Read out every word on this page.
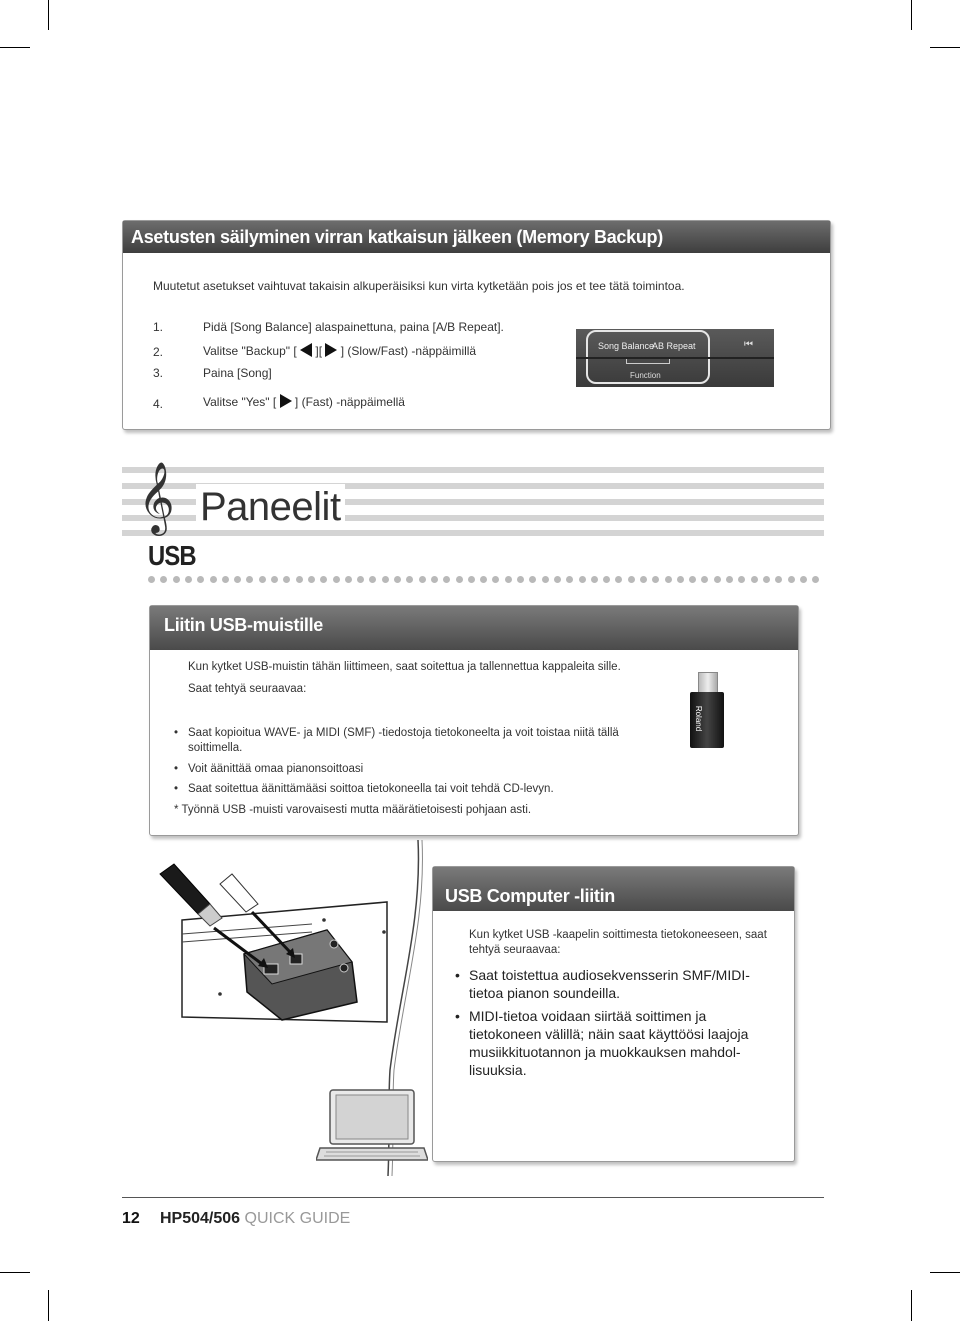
Asetusten säilyminen virran katkaisun jälkeen (Memory Backup)
Muutetut asetukset vaihtuvat takaisin alkuperäisiksi kun virta kytketään pois jos et tee tätä toimintoa.
1.	Pidä [Song Balance] alaspainettuna, paina [A/B Repeat].
2.	Valitse "Backup" [ ][ ] (Slow/Fast) -näppäimillä
3.	Paina [Song]
4.	Valitse "Yes" [ ] (Fast) -näppäimellä
Song Balance
AB Repeat
Function
⏮
𝄞 Paneelit
USB
Liitin USB-muistille
Kun kytket USB-muistin tähän liittimeen, saat soitettua ja tallennettua kappaleita sille.
Saat tehtyä seuraavaa:
• Saat kopioitua WAVE- ja MIDI (SMF) -tiedostoja tietokoneelta ja voit toistaa niitä tällä
soittimella.
• Voit äänittää omaa pianonsoittoasi
• Saat soitettua äänittämääsi soittoa tietokoneella tai voit tehdä CD-levyn.
* Työnnä USB -muisti varovaisesti mutta määrätietoisesti pohjaan asti.
Roland
USB Computer -liitin
Kun kytket USB -kaapelin soittimesta tietokoneeseen, saat
tehtyä seuraavaa:
• Saat toistettua audiosekvensserin SMF/MIDI-
tietoa pianon soundeilla.
• MIDI-tietoa voidaan siirtää soittimen ja
tietokoneen välillä; näin saat käyttöösi laajoja
musiikkituotannon ja muokkauksen mahdol-
lisuuksia.
12 HP504/506 QUICK GUIDE
